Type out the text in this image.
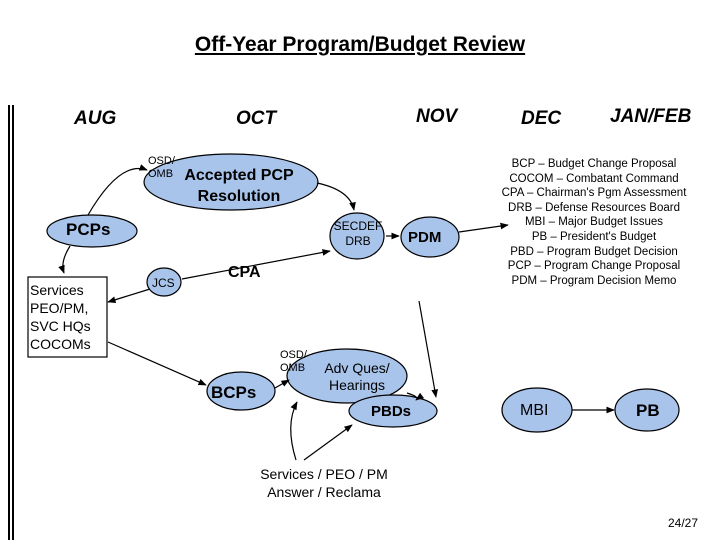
Off-Year Program/Budget Review
AUG	OCT	NOV	DEC	JAN/FEB
OSD/ OMB Accepted PCP
Resolution
PCPs
Services
PEO/PM,
SVC HQs
COCOMs
SECDEF
DRB	PDM
JCS
CPA
BCPs
OSD/ OMB	Adv Ques/
Hearings
PBDs	MBI	PB
Services / PEO / PM
Answer / Reclama
BCP – Budget Change Proposal
COCOM – Combatant Command
CPA – Chairman's Pgm Assessment
DRB – Defense Resources Board
MBI – Major Budget Issues
PB – President's Budget
PBD – Program Budget Decision
PCP – Program Change Proposal
PDM – Program Decision Memo
24/27
